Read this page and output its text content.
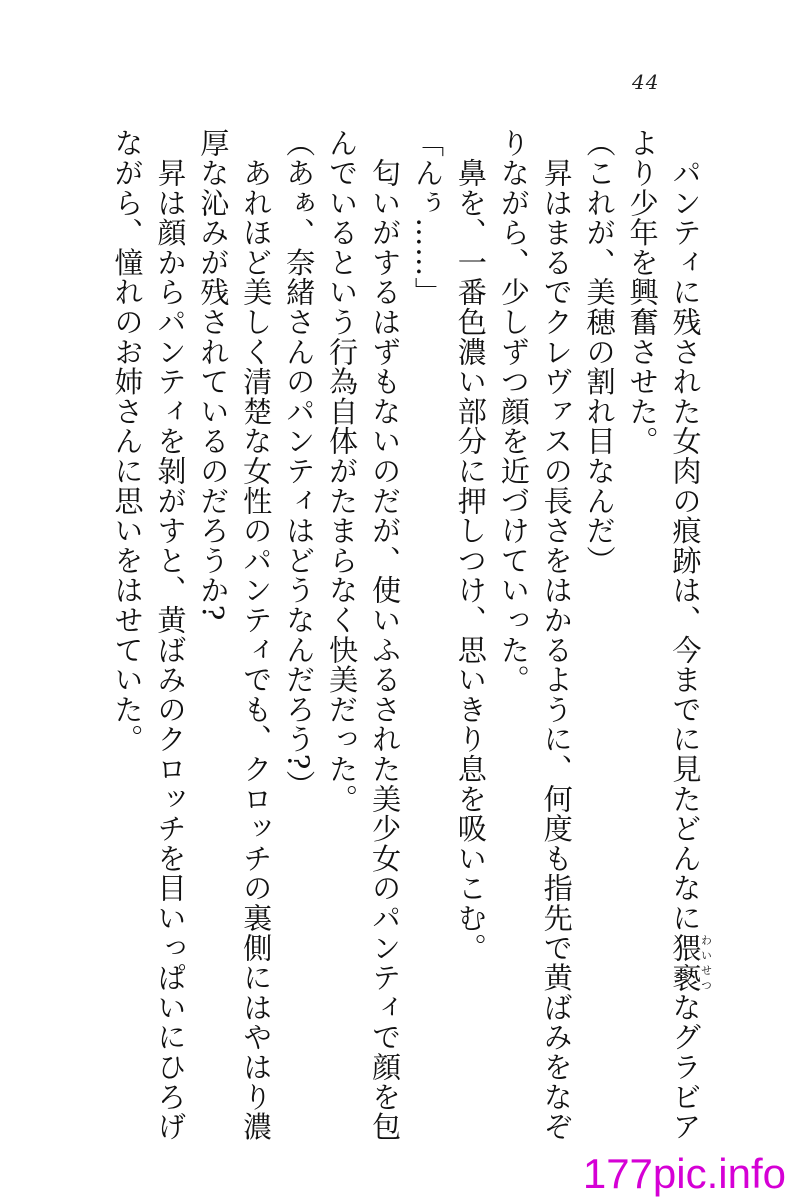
44

　パンティに残された女肉の痕跡は、今までに見たどんなに猥褻わいせつなグラビアより少年を興奮させた。

（これが、美穂の割れ目なんだ）

　昇はまるでクレヴァスの長さをはかるように、何度も指先で黄ばみをなぞりながら、少しずつ顔を近づけていった。

　鼻を、一番色濃い部分に押しつけ、思いきり息を吸いこむ。

「んぅ……」

　匂いがするはずもないのだが、使いふるされた美少女のパンティで顔を包んでいるという行為自体がたまらなく快美だった。

（あぁ、奈緒さんのパンティはどうなんだろう?）

　あれほど美しく清楚な女性のパンティでも、クロッチの裏側にはやはり濃厚な沁みが残されているのだろうか?

　昇は顔からパンティを剝がすと、黄ばみのクロッチを目いっぱいにひろげながら、憧れのお姉さんに思いをはせていた。

177pic.info
